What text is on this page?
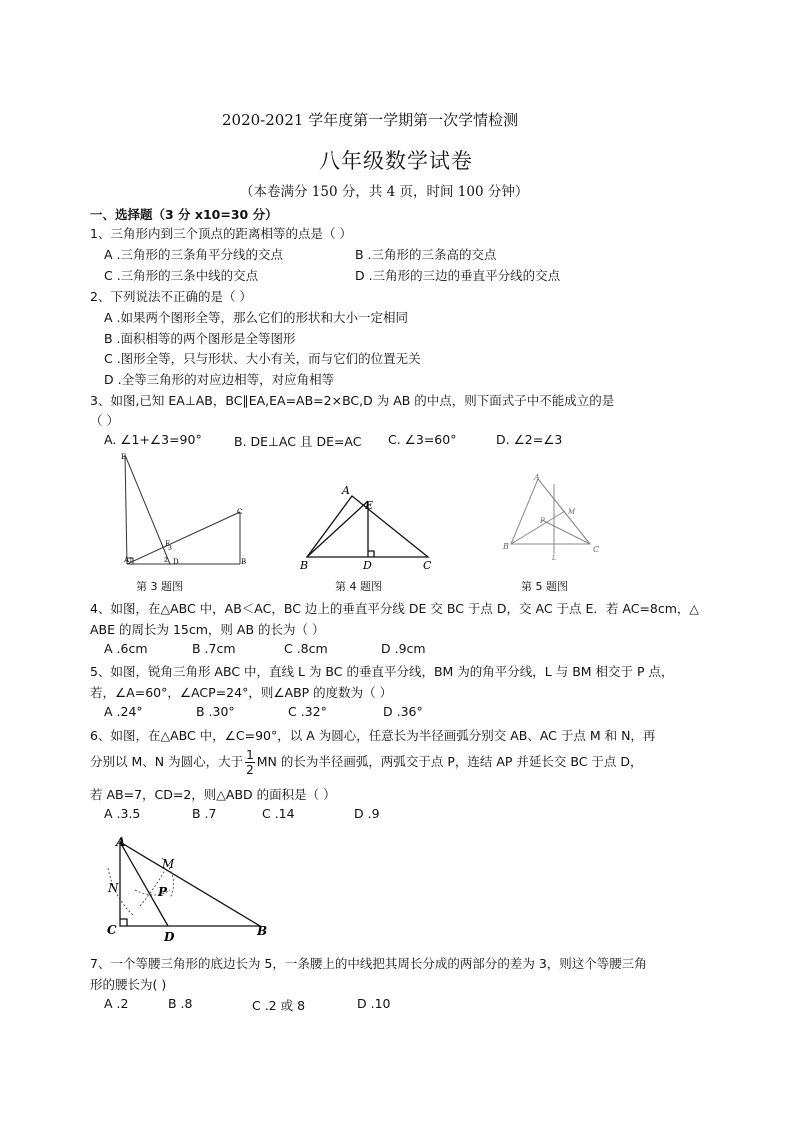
2020-2021 学年度第一学期第一次学情检测
八年级数学试卷
（本卷满分 150 分，共 4 页，时间 100 分钟）
一、选择题（3 分 x10=30 分）
1、三角形内到三个顶点的距离相等的点是（ ）
A .三角形的三条角平分线的交点	B .三角形的三条高的交点
C .三角形的三条中线的交点	D .三角形的三边的垂直平分线的交点
2、下列说法不正确的是（ ）
A .如果两个图形全等，那么它们的形状和大小一定相同
B .面积相等的两个图形是全等图形
C .图形全等，只与形状、大小有关，而与它们的位置无关
D .全等三角形的对应边相等，对应角相等
3、如图,已知 EA⊥AB，BC∥EA,EA=AB=2×BC,D 为 AB 的中点，则下面式子中不能成立的是
（ ）
A. ∠1+∠3=90°	B. DE⊥AC 且 DE=AC C. ∠3=60°	D. ∠2=∠3
E
C
A
F
D	B
1	2
3
第 3 题图
A
E
B	D	C
第 4 题图
A
B	C
P
M
L
第 5 题图
4、如图，在△ABC 中，AB＜AC，BC 边上的垂直平分线 DE 交 BC 于点 D，交 AC 于点 E．若 AC=8cm，△
ABE 的周长为 15cm，则 AB 的长为（ ）
A .6cm	B .7cm	C .8cm	D .9cm
5、如图，锐角三角形 ABC 中，直线 L 为 BC 的垂直平分线，BM 为的角平分线，L 与 BM 相交于 P 点，
若，∠A=60°，∠ACP=24°，则∠ABP 的度数为（ ）
A .24°	B .30°	C .32°	D .36°
6、如图，在△ABC 中，∠C=90°，以 A 为圆心，任意长为半径画弧分别交 AB、AC 于点 M 和 N，再
分别以 M、N 为圆心，大于 $\frac{1}{2}$ MN 的长为半径画弧，两弧交于点 P，连结 AP 并延长交 BC 于点 D，
若 AB=7，CD=2，则△ABD 的面积是（ ）
A .3.5	B .7	C .14	D .9
A
M
N	P
C	D	B
7、一个等腰三角形的底边长为 5，一条腰上的中线把其周长分成的两部分的差为 3，则这个等腰三角
形的腰长为( )
A .2	B .8	C .2 或 8	D .10
